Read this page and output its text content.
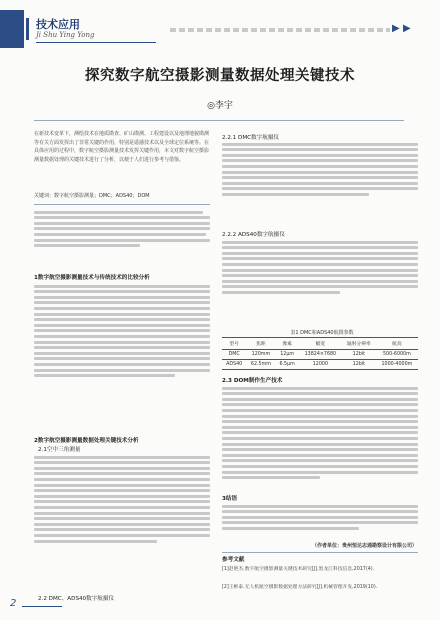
技术应用
Ji Shu Ying Yong
▶ ▶
探究数字航空摄影测量数据处理关键技术
◎李宇
在新技术变革下，测绘技术在地质勘查、矿山勘测、工程建设以及地理地貌勘测等有关方面发挥出了非常关键的作用，特别是遥感技术以及全球定位系统等。在具体应用的过程中，数字航空摄影测量技术发挥关键作用，本文对数字航空摄影测量数据处理的关键技术进行了分析，以便于人们进行参考与借鉴。
关键词：数字航空摄影测量；DMC；ADS40；DOM
1数字航空摄影测量技术与传统技术的比较分析
2数字航空摄影测量数据处理关键技术分析
2.1空中三角测量
2.2 DMC、ADS40数字航摄仪
2.2.1 DMC数字航摄仪
2.2.2 ADS40数字航摄仪
表1 DMC和ADS40航摄参数
型号	焦距	像素	幅宽	辐射分辨率	航高
DMC	120mm	12μm	13824×7680	12bit	500-6000m
ADS40	62.5mm	6.5μm	12000	12bit	1000-4000m
2.3 DOM制作生产技术
3结语
（作者单位：贵州恒达志通勘察设计有限公司）
参考文献
[1]赵艳杰.数字航空摄影测量关键技术研究[J].黑龙江科技信息,2017(4).
[2]王彬泰.无人机航空摄影数据处理方法研究[J].机械管理开发,2019(10).
2
